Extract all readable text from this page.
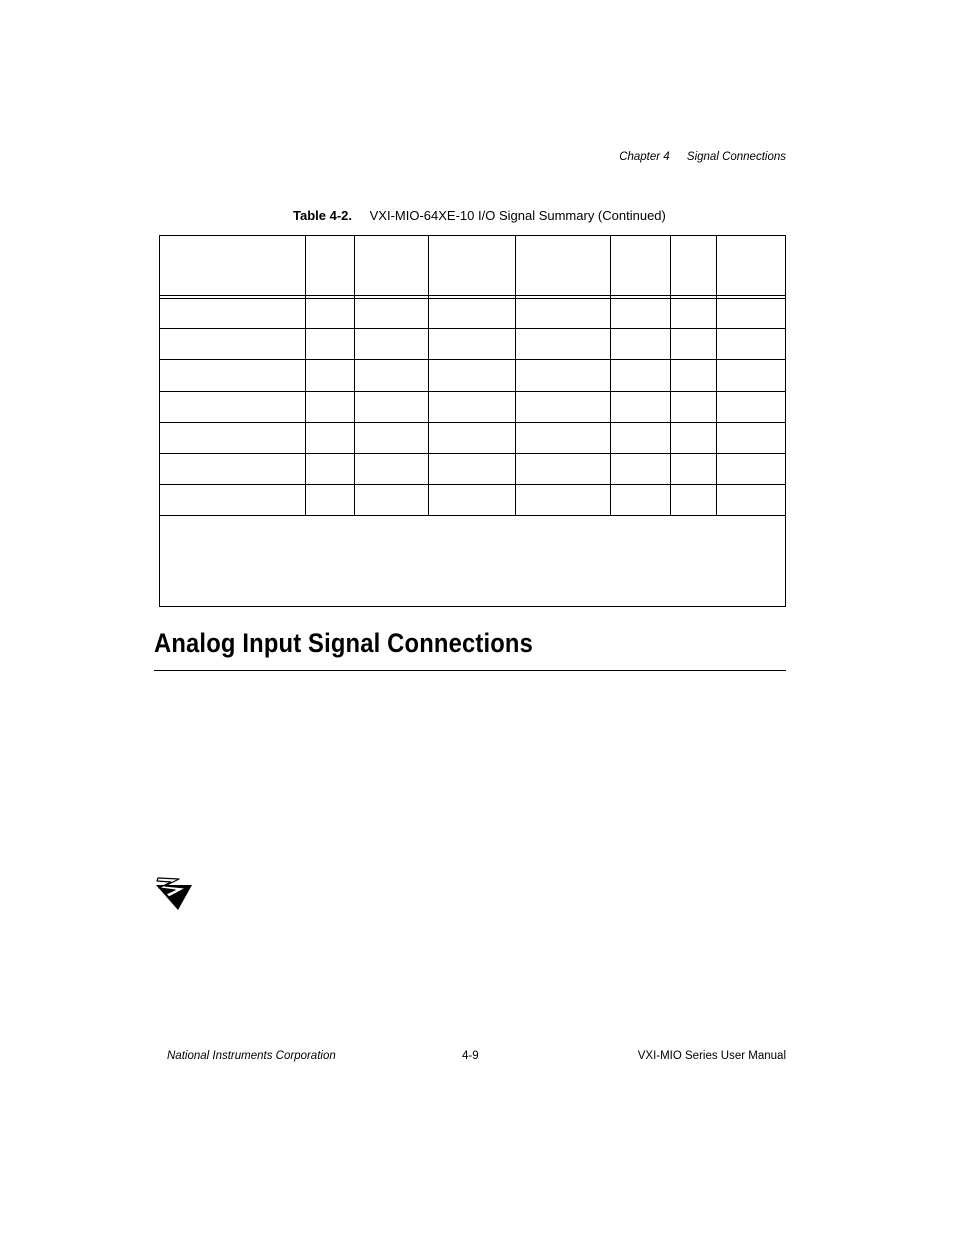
Chapter 4 Signal Connections
Table 4-2. VXI-MIO-64XE-10 I/O Signal Summary (Continued)
Analog Input Signal Connections
National Instruments Corporation	4-9	VXI-MIO Series User Manual
